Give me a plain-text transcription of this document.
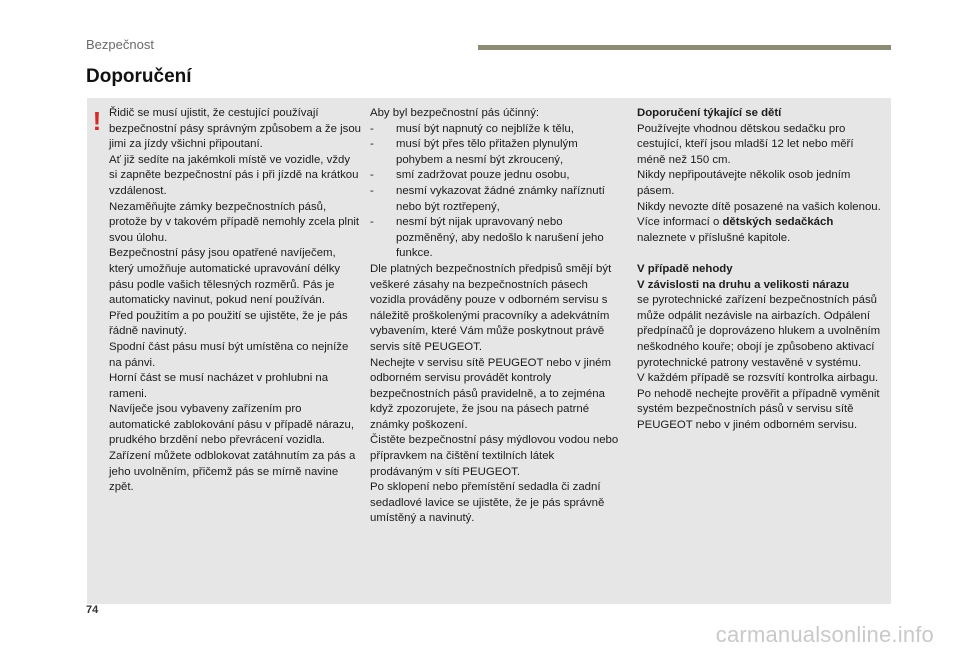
Bezpečnost
Doporučení
! Řidič se musí ujistit, že cestující používají bezpečnostní pásy správným způsobem a že jsou jimi za jízdy všichni připoutaní.

Ať již sedíte na jakémkoli místě ve vozidle, vždy si zapněte bezpečnostní pás i při jízdě na krátkou vzdálenost.

Nezaměňujte zámky bezpečnostních pásů, protože by v takovém případě nemohly zcela plnit svou úlohu.

Bezpečnostní pásy jsou opatřené navíječem, který umožňuje automatické upravování délky pásu podle vašich tělesných rozměrů. Pás je automaticky navinut, pokud není používán.

Před použitím a po použití se ujistěte, že je pás řádně navinutý.

Spodní část pásu musí být umístěna co nejníže na pánvi.

Horní část se musí nacházet v prohlubni na rameni.

Navíječe jsou vybaveny zařízením pro automatické zablokování pásu v případě nárazu, prudkého brzdění nebo převrácení vozidla. Zařízení můžete odblokovat zatáhnutím za pás a jeho uvolněním, přičemž pás se mírně navine zpět.

Aby byl bezpečnostní pás účinný:

-	musí být napnutý co nejblíže k tělu,
-	musí být přes tělo přitažen plynulým pohybem a nesmí být zkroucený,
-	smí zadržovat pouze jednu osobu,
-	nesmí vykazovat žádné známky naříznutí nebo být roztřepený,
-	nesmí být nijak upravovaný nebo pozměněný, aby nedošlo k narušení jeho funkce.

Dle platných bezpečnostních předpisů smějí být veškeré zásahy na bezpečnostních pásech vozidla prováděny pouze v odborném servisu s náležitě proškolenými pracovníky a adekvátním vybavením, které Vám může poskytnout právě servis sítě PEUGEOT.

Nechejte v servisu sítě PEUGEOT nebo v jiném odborném servisu provádět kontroly bezpečnostních pásů pravidelně, a to zejména když zpozorujete, že jsou na pásech patrné známky poškození.

Čistěte bezpečnostní pásy mýdlovou vodou nebo přípravkem na čištění textilních látek prodávaným v síti PEUGEOT.

Po sklopení nebo přemístění sedadla či zadní sedadlové lavice se ujistěte, že je pás správně umístěný a navinutý.

Doporučení týkající se dětí

Používejte vhodnou dětskou sedačku pro cestující, kteří jsou mladší 12 let nebo měří méně než 150 cm.

Nikdy nepřipoutávejte několik osob jedním pásem.

Nikdy nevozte dítě posazené na vašich kolenou.

Více informací o dětských sedačkách

naleznete v příslušné kapitole.

V případě nehody

V závislosti na druhu a velikosti nárazu

se pyrotechnické zařízení bezpečnostních pásů může odpálit nezávisle na airbazích. Odpálení předpínačů je doprovázeno hlukem a uvolněním neškodného kouře; obojí je způsobeno aktivací pyrotechnické patrony vestavěné v systému.

V každém případě se rozsvítí kontrolka airbagu.

Po nehodě nechejte prověřit a případně vyměnit systém bezpečnostních pásů v servisu sítě PEUGEOT nebo v jiném odborném servisu.

74
carmanualsonline.info
